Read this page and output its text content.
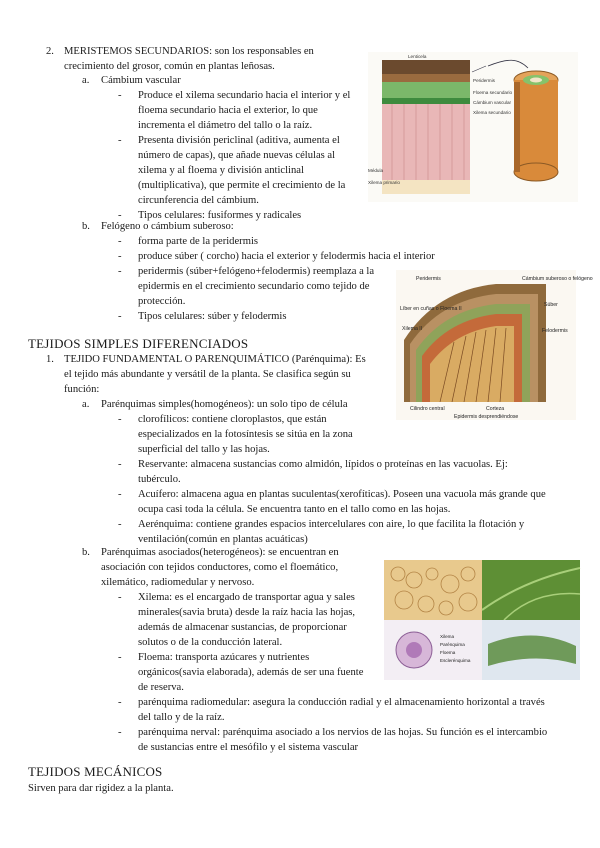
2. MERISTEMOS SECUNDARIOS: son los responsables en
crecimiento del grosor, común en plantas leñosas.
a. Cámbium vascular
- Produce el xilema secundario hacia el interior y el
floema secundario hacia el exterior, lo que
incrementa el diámetro del tallo o la raíz.
- Presenta división periclinal (aditiva, aumenta el
número de capas), que añade nuevas células al
xilema y al floema y división anticlinal
(multiplicativa), que permite el crecimiento de la
circunferencia del cámbium.
- Tipos celulares: fusiformes y radicales
b. Felógeno o cámbium suberoso:
- forma parte de la peridermis
- produce súber ( corcho) hacia el exterior y felodermis hacia el interior
- peridermis (súber+felógeno+felodermis) reemplaza a la
epidermis en el crecimiento secundario como tejido de
protección.
- Tipos celulares: súber y felodermis
Lenticela
Peridermis
Floema secundario
Cámbium vascular
Xilema secundario
Médula
Xilema primario
Peridermis	Cámbium suberoso o felógeno
Súber
Líber en cuñas o Floema II
Felodermis
Xilema II
Cilindro central	Corteza
Epidermis desprendiéndose
Xilema
Parénquima
Floema
Esclerénquima
TEJIDOS SIMPLES DIFERENCIADOS
1. TEJIDO FUNDAMENTAL O PARENQUIMÁTICO (Parénquima): Es
el tejido más abundante y versátil de la planta. Se clasifica según su
función:
a. Parénquimas simples(homogéneos): un solo tipo de célula
- clorofílicos: contiene cloroplastos, que están
especializados en la fotosíntesis se sitúa en la zona
superficial del tallo y las hojas.
- Reservante: almacena sustancias como almidón, lípidos o proteínas en las vacuolas. Ej:
tubérculo.
- Acuífero: almacena agua en plantas suculentas(xerofíticas). Poseen una vacuola más grande que
ocupa casi toda la célula. Se encuentra tanto en el tallo como en las hojas.
- Aerénquima: contiene grandes espacios intercelulares con aire, lo que facilita la flotación y
ventilación(común en plantas acuáticas)
b. Parénquimas asociados(heterogéneos): se encuentran en
asociación con tejidos conductores, como el floemático,
xilemático, radiomedular y nervoso.
- Xilema: es el encargado de transportar agua y sales
minerales(savia bruta) desde la raíz hacia las hojas,
además de almacenar sustancias, de proporcionar
solutos o de la conducción lateral.
- Floema: transporta azúcares y nutrientes
orgánicos(savia elaborada), además de ser una fuente
de reserva.
- parénquima radiomedular: asegura la conducción radial y el almacenamiento horizontal a través
del tallo y de la raíz.
- parénquima nerval: parénquima asociado a los nervios de las hojas. Su función es el intercambio
de sustancias entre el mesófilo y el sistema vascular
TEJIDOS MECÁNICOS
Sirven para dar rigidez a la planta.
